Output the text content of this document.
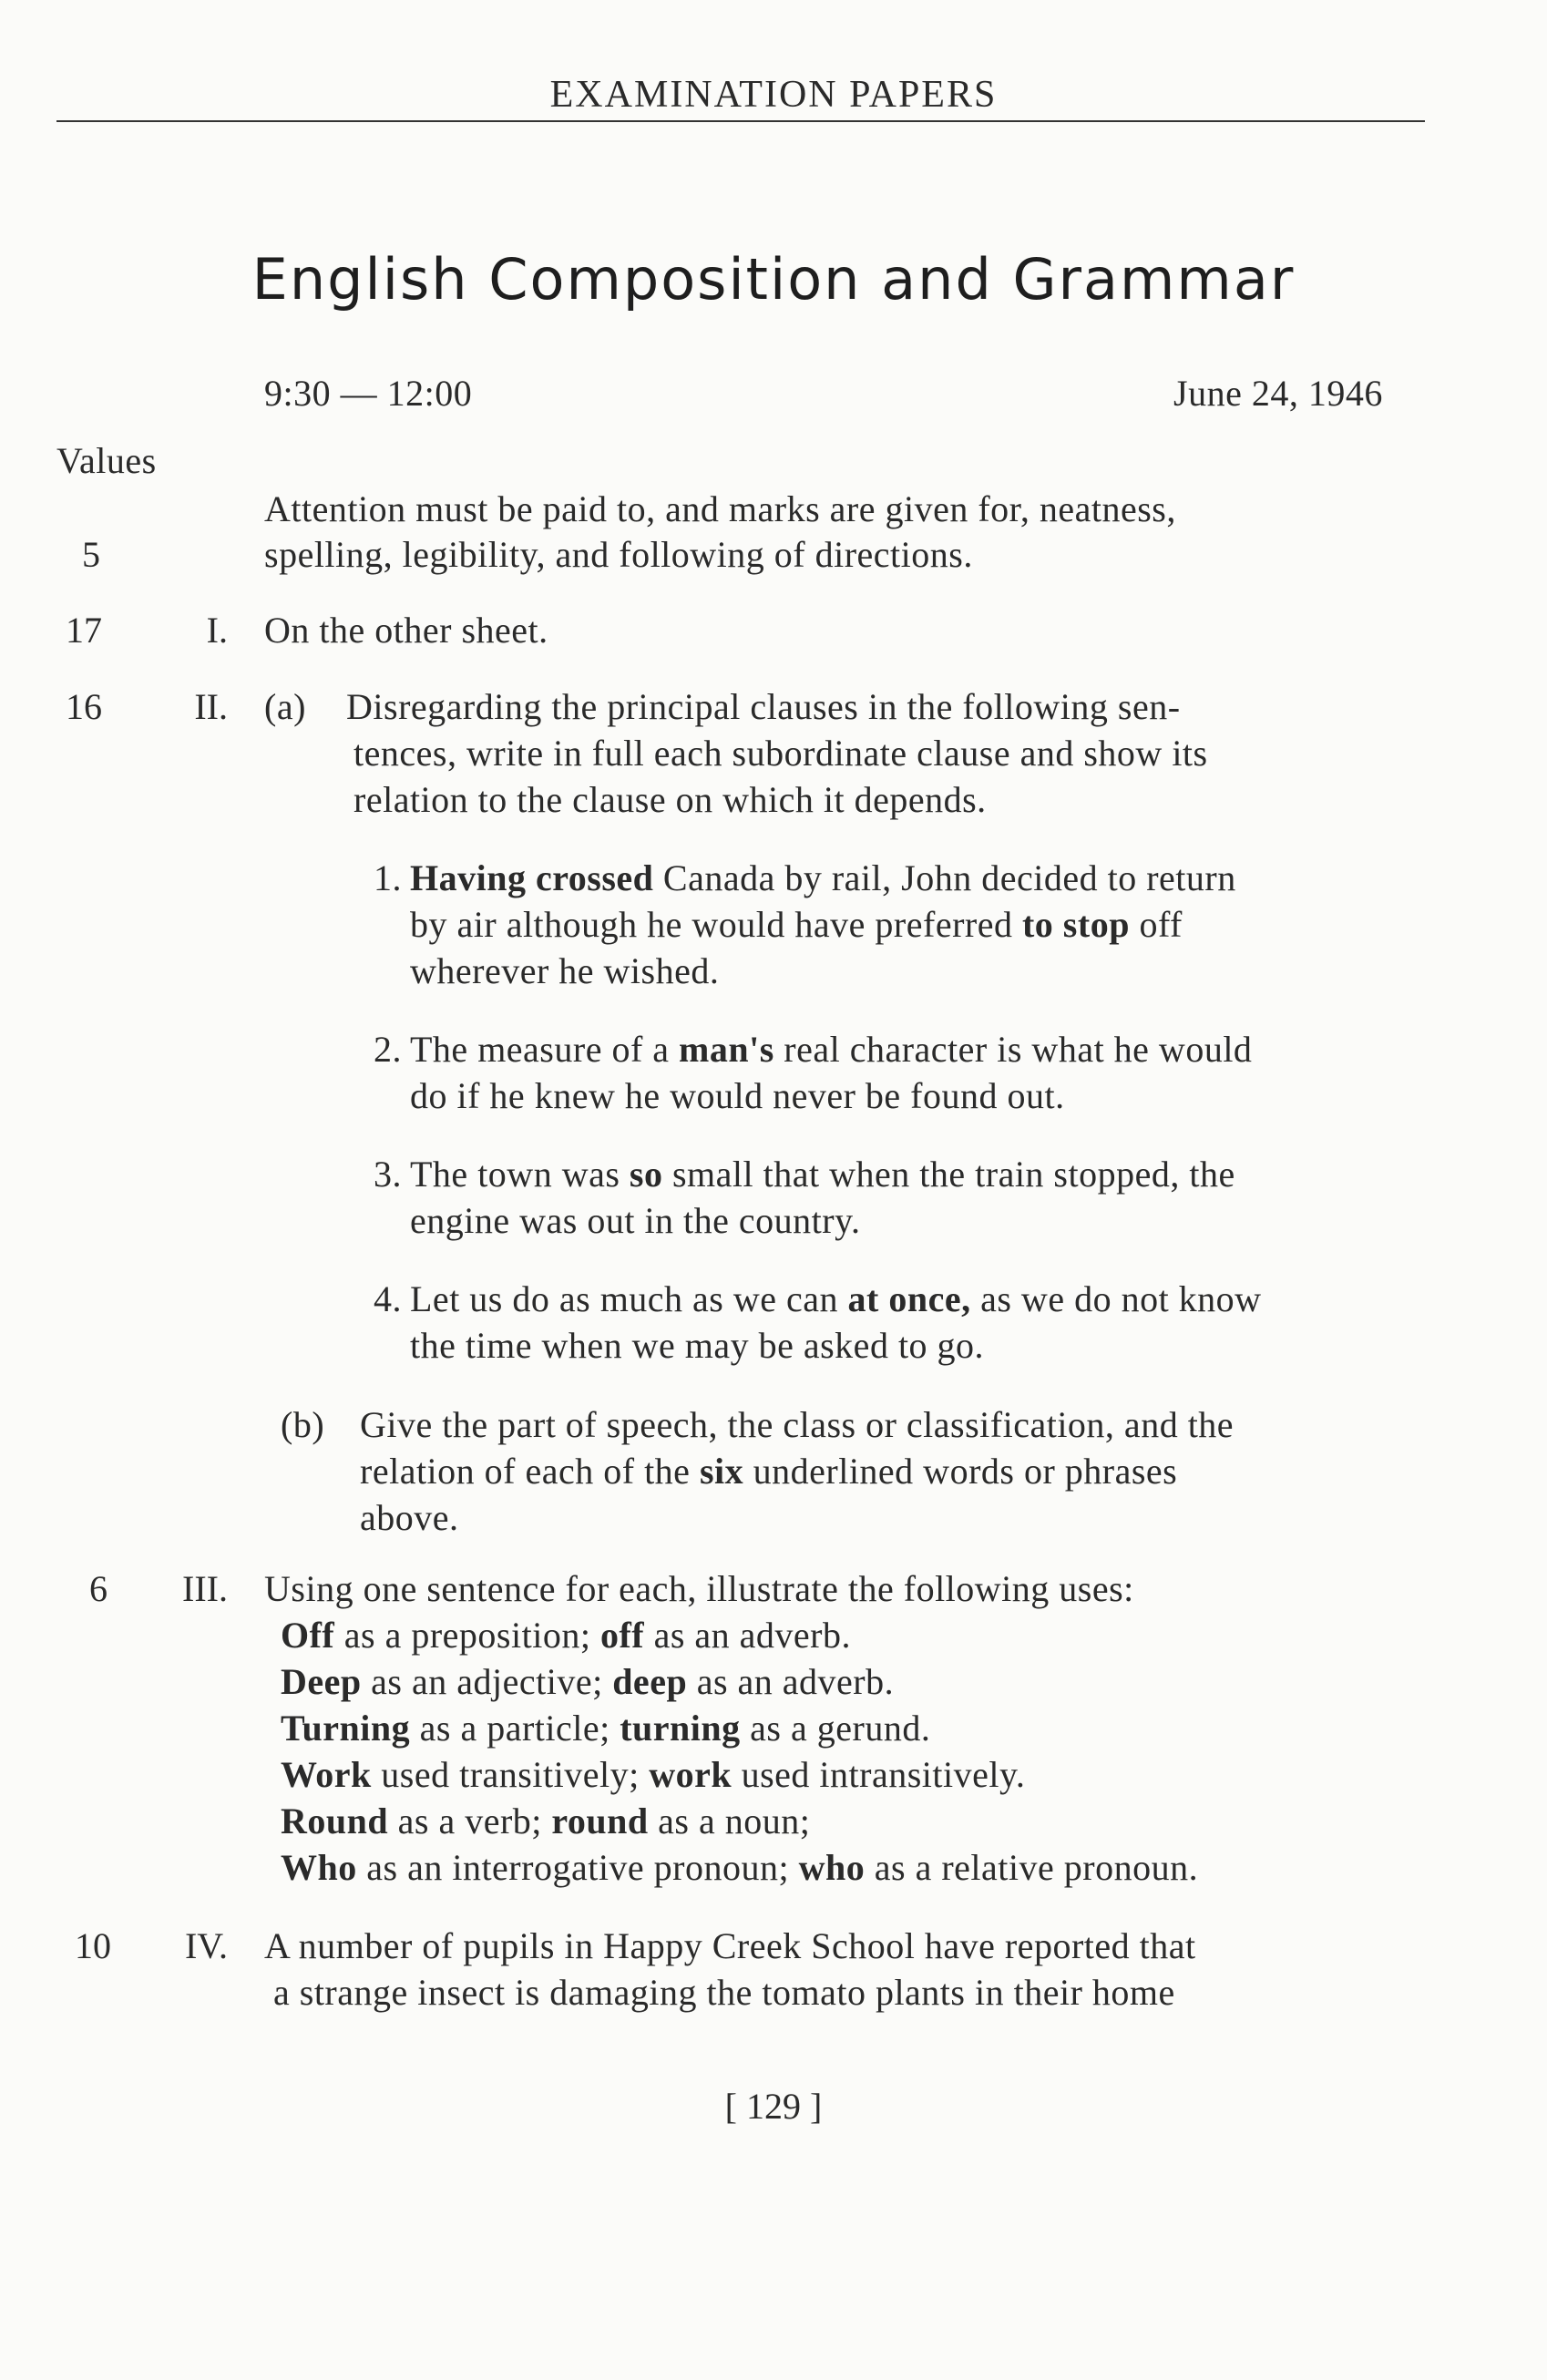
EXAMINATION PAPERS
English Composition and Grammar
9:30 — 12:00	June 24, 1946
Values
Attention must be paid to, and marks are given for, neatness,
5	spelling, legibility, and following of directions.
17	I. On the other sheet.
16	II. (a) Disregarding the principal clauses in the following sen-
tences, write in full each subordinate clause and show its
relation to the clause on which it depends.
1. Having crossed Canada by rail, John decided to return
by air although he would have preferred to stop off
wherever he wished.
2. The measure of a man's real character is what he would
do if he knew he would never be found out.
3. The town was so small that when the train stopped, the
engine was out in the country.
4. Let us do as much as we can at once, as we do not know
the time when we may be asked to go.
(b) Give the part of speech, the class or classification, and the
relation of each of the six underlined words or phrases
above.
6	III. Using one sentence for each, illustrate the following uses:
Off as a preposition; off as an adverb.
Deep as an adjective; deep as an adverb.
Turning as a particle; turning as a gerund.
Work used transitively; work used intransitively.
Round as a verb; round as a noun;
Who as an interrogative pronoun; who as a relative pronoun.
10	IV. A number of pupils in Happy Creek School have reported that
a strange insect is damaging the tomato plants in their home
[ 129 ]
